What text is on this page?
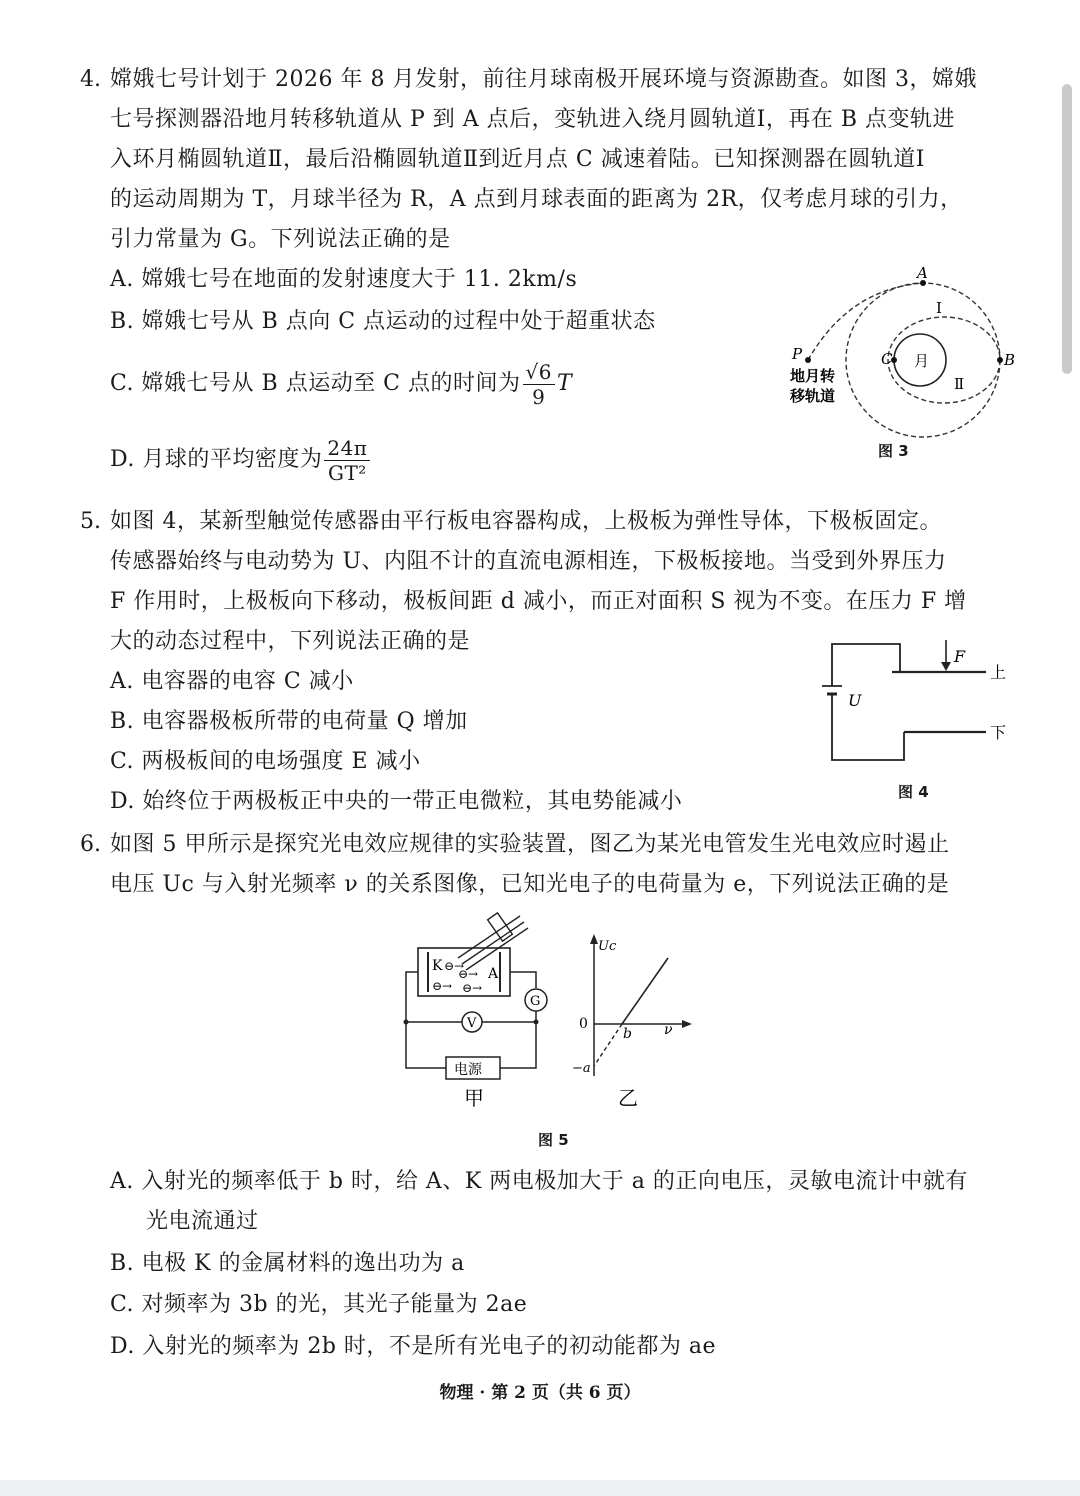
4. 嫦娥七号计划于 2026 年 8 月发射，前往月球南极开展环境与资源勘查。如图 3，嫦娥
七号探测器沿地月转移轨道从 P 到 A 点后，变轨进入绕月圆轨道Ⅰ，再在 B 点变轨进
入环月椭圆轨道Ⅱ，最后沿椭圆轨道Ⅱ到近月点 C 减速着陆。已知探测器在圆轨道Ⅰ
的运动周期为 T，月球半径为 R，A 点到月球表面的距离为 2R，仅考虑月球的引力，
引力常量为 G。下列说法正确的是
A. 嫦娥七号在地面的发射速度大于 11. 2km/s
B. 嫦娥七号从 B 点向 C 点运动的过程中处于超重状态
C. 嫦娥七号从 B 点运动至 C 点的时间为 $\frac{√6}{9}$ T
D. 月球的平均密度为 $\frac{24\pi}{\text{GT²}}$
A
B
C
P	月
Ⅰ
Ⅱ
地月转
移轨道
图 3
5. 如图 4，某新型触觉传感器由平行板电容器构成，上极板为弹性导体，下极板固定。
传感器始终与电动势为 U、内阻不计的直流电源相连，下极板接地。当受到外界压力
F 作用时，上极板向下移动，极板间距 d 减小，而正对面积 S 视为不变。在压力 F 增
大的动态过程中，下列说法正确的是
A. 电容器的电容 C 减小
B. 电容器极板所带的电荷量 Q 增加
C. 两极板间的电场强度 E 减小
D. 始终位于两极板正中央的一带正电微粒，其电势能减小
F
U
上
下
图 4
6. 如图 5 甲所示是探究光电效应规律的实验装置，图乙为某光电管发生光电效应时遏止
电压 Uc 与入射光频率 ν 的关系图像，已知光电子的电荷量为 e，下列说法正确的是
K	A
⊖→
⊖→
⊖→ ⊖→
G
V
电源
甲
Uc
ν
0
b
−a
乙
图 5
A. 入射光的频率低于 b 时，给 A、K 两电极加大于 a 的正向电压，灵敏电流计中就有
光电流通过
B. 电极 K 的金属材料的逸出功为 a
C. 对频率为 3b 的光，其光子能量为 2ae
D. 入射光的频率为 2b 时，不是所有光电子的初动能都为 ae
物理 · 第 2 页（共 6 页）
